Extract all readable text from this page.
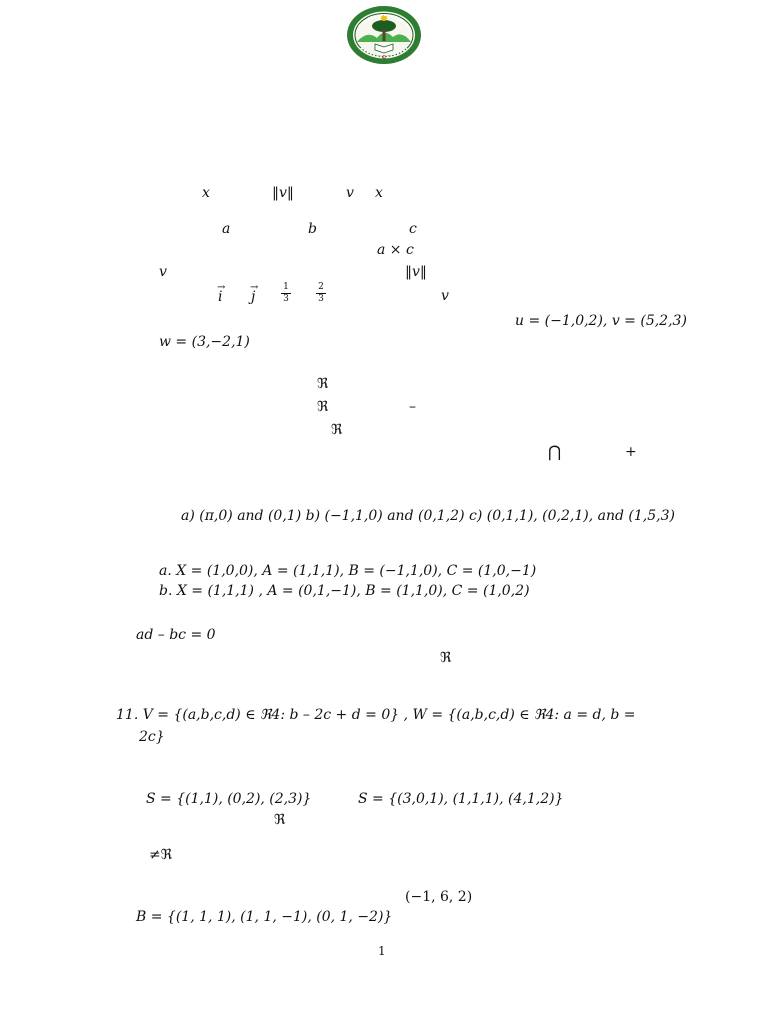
x	‖v‖	v x
a	b	c
a × c
v	‖v‖
→ i
→ j	$\frac{1}{3}$	$\frac{2}{3}$	v
u = (−1,0,2), v = (5,2,3)
w = (3,−2,1)
ℜ
ℜ	–
ℜ
⋂	+
a) (π,0) and (0,1) b) (−1,1,0) and (0,1,2) c) (0,1,1), (0,2,1), and (1,5,3)
a. X = (1,0,0), A = (1,1,1), B = (−1,1,0), C = (1,0,−1)
b. X = (1,1,1) , A = (0,1,−1), B = (1,1,0), C = (1,0,2)
ad – bc = 0
ℜ
11. V = {(a,b,c,d) ∈ ℜ4: b – 2c + d = 0} , W = {(a,b,c,d) ∈ ℜ4: a = d, b =
2c}
S = {(1,1), (0,2), (2,3)}	S = {(3,0,1), (1,1,1), (4,1,2)}
ℜ
≠ℜ
(−1, 6, 2)
B = {(1, 1, 1), (1, 1, −1), (0, 1, −2)}
1
